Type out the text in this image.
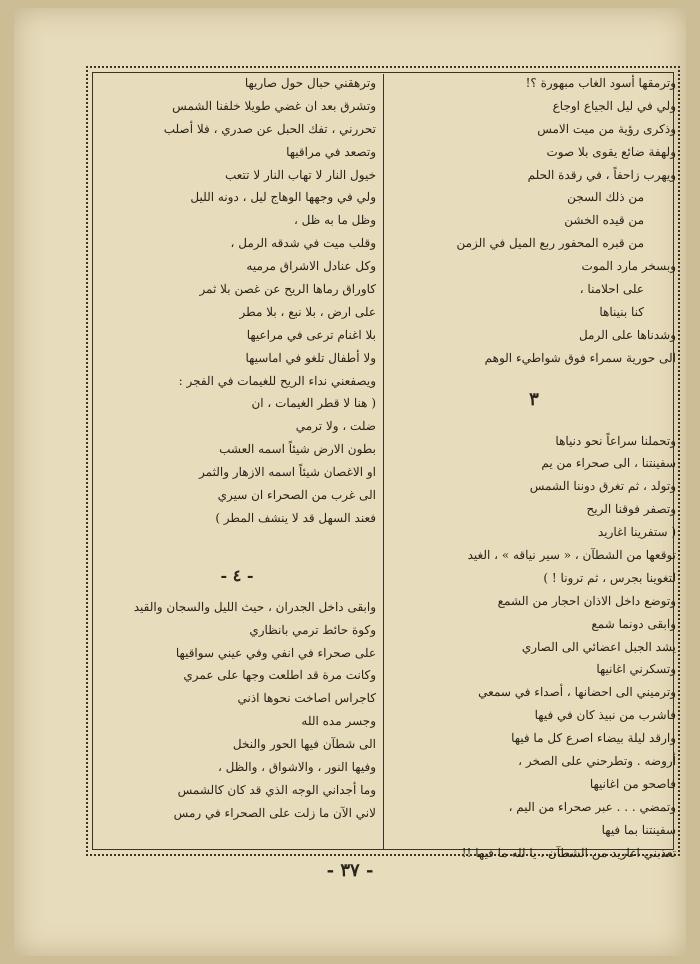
وترمقها أسود الغاب مبهورة ؟!
ولي في ليل الجياع اوجاع
وذكرى رؤية من ميت الامس
ولهفة ضائع يقوى بلا صوت
ويهرب زاحفاً ، في رقدة الحلم
من ذلك السجن
من قيده الخشن
من قبره المحفور ربع الميل في الزمن
وبسخر مارد الموت
على احلامنا ،
كنا بنيناها
وشدناها على الرمل
الى حورية سمراء فوق شواطيء الوهم
٣
وتحملنا سراعاً نحو دنياها
سفينتنا ، الى صحراء من يم
وتولد ، ثم تغرق دوننا الشمس
وتصفر فوقنا الريح
( ستفرينا اغاريد
توقعها من الشطآن ، « سير نياقه » ، الغيد
لتغوينا بجرس ، ثم ترونا ! )
وتوضع داخل الاذان احجار من الشمع
وابقى دونما شمع
يشد الجبل اعضائي الى الصاري
وتسكرني اغانيها
وترميني الى احضانها ، أصداء في سمعي
فاشرب من نبيذ كان في فيها
وارقد ليلة بيضاء اصرع كل ما فيها
أروضه . وتطرحني على الصخر ،
فاصحو من اغانيها
وتمضي . . . عبر صحراء من اليم ،
سفينتنا بما فيها
تعذبني اغاريد من الشطآن ، يا لله ما فيها !!
وترهقني حبال حول صاريها
وتشرق بعد ان غضي طويلا خلفنا الشمس
تحررني ، تفك الحبل عن صدري ، فلا أصلب
وتصعد في مراقيها
خيول النار لا تهاب النار لا تتعب
ولي في وجهها الوهاج ليل ، دونه الليل
وظل ما به ظل ،
وقلب ميت في شدقه الرمل ،
وكل عنادل الاشراق مرميه
كاوراق رماها الريح عن غصن بلا ثمر
على ارض ، بلا نبع ، بلا مطر
بلا اغنام ترعى في مراعيها
ولا أطفال تلغو في اماسيها
ويصفعني نداء الريح للغيمات في الفجر :
( هنا لا قطر الغيمات ، ان
ضلت ، ولا ترمي
بطون الارض شيئاً اسمه العشب
او الاغصان شيئاً اسمه الازهار والثمر
الى غرب من الصحراء ان سيري
فعند السهل قد لا ينشف المطر )
- ٤ -
وابقى داخل الجدران ، حيث الليل والسجان والقيد
وكوة حائط ترمي بانظاري
على صحراء في انفي وفي عيني سواقيها
وكانت مرة قد اطلعت وجها على عمري
كاجراس اصاخت نحوها اذني
وجسر مده الله
الى شطآن فيها الحور والنخل
وفيها النور ، والاشواق ، والظل ،
وما أجداني الوجه الذي قد كان كالشمس
لاني الآن ما زلت على الصحراء في رمس
- ٣٧ -
